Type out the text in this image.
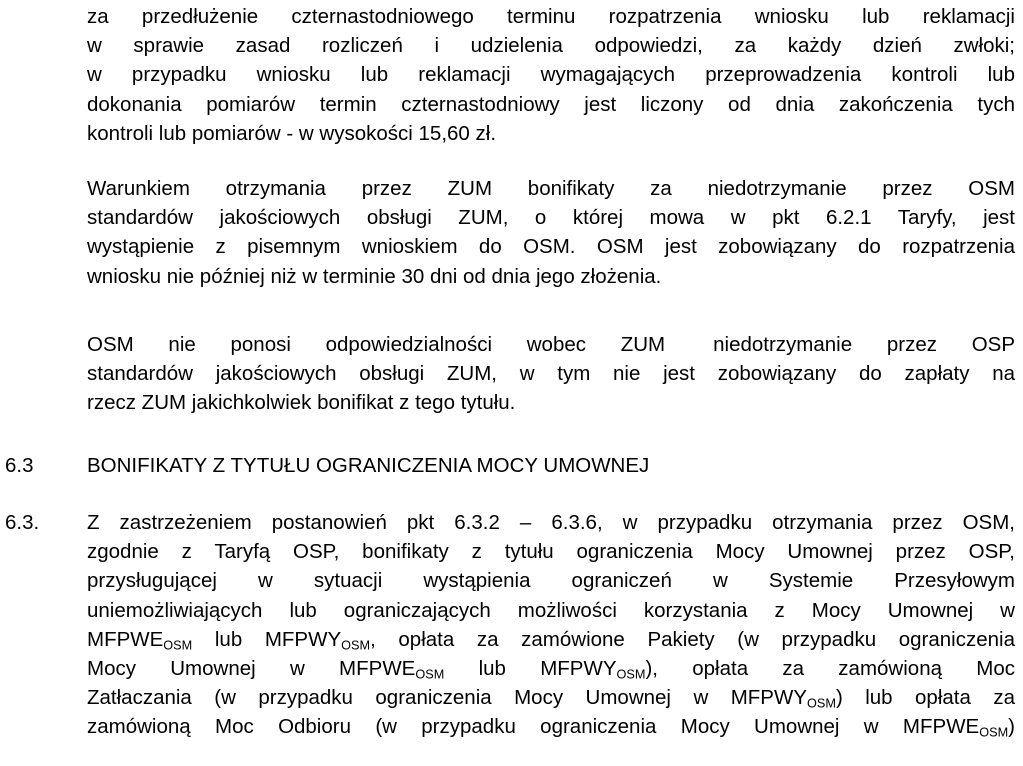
za przedłużenie czternastodniowego terminu rozpatrzenia wniosku lub reklamacji
w sprawie zasad rozliczeń i udzielenia odpowiedzi, za każdy dzień zwłoki;
w przypadku wniosku lub reklamacji wymagających przeprowadzenia kontroli lub
dokonania pomiarów termin czternastodniowy jest liczony od dnia zakończenia tych
kontroli lub pomiarów - w wysokości 15,60 zł.
Warunkiem otrzymania przez ZUM bonifikaty za niedotrzymanie przez OSM
standardów jakościowych obsługi ZUM, o której mowa w pkt 6.2.1 Taryfy, jest
wystąpienie z pisemnym wnioskiem do OSM. OSM jest zobowiązany do rozpatrzenia
wniosku nie później niż w terminie 30 dni od dnia jego złożenia.
OSM nie ponosi odpowiedzialności wobec ZUM niedotrzymanie przez OSP
standardów jakościowych obsługi ZUM, w tym nie jest zobowiązany do zapłaty na
rzecz ZUM jakichkolwiek bonifikat z tego tytułu.
6.3	BONIFIKATY Z TYTUŁU OGRANICZENIA MOCY UMOWNEJ
6.3. Z zastrzeżeniem postanowień pkt 6.3.2 – 6.3.6, w przypadku otrzymania przez OSM,
zgodnie z Taryfą OSP, bonifikaty z tytułu ograniczenia Mocy Umownej przez OSP,
przysługującej w sytuacji wystąpienia ograniczeń w Systemie Przesyłowym
uniemożliwiających lub ograniczających możliwości korzystania z Mocy Umownej w
$MFPWE_{OSM}$ lub $MFPWY_{OSM}$, opłata za zamówione Pakiety (w przypadku ograniczenia
Mocy Umownej w $MFPWE_{OSM}$ lub $MFPWY_{OSM}$), opłata za zamówioną Moc
Zatłaczania (w przypadku ograniczenia Mocy Umownej w $MFPWY_{OSM}$) lub opłata za
zamówioną Moc Odbioru (w przypadku ograniczenia Mocy Umownej w $MFPWE_{OSM}$)
